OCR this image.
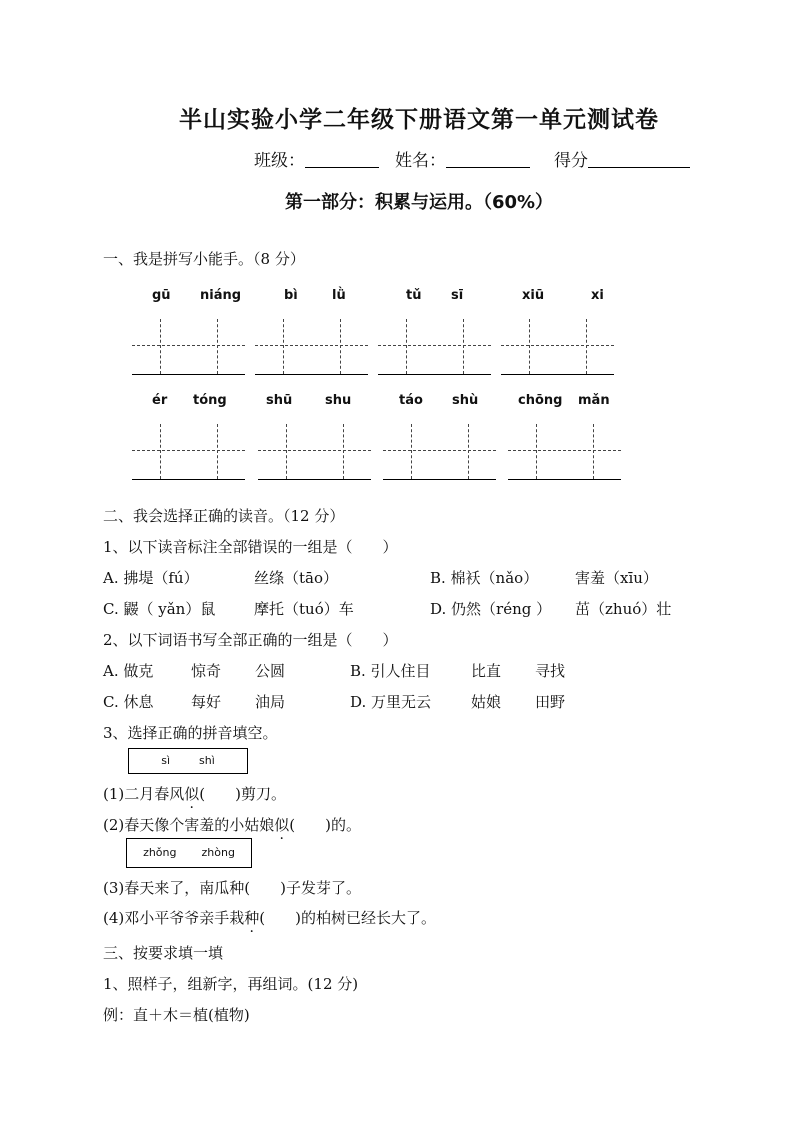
半山实验小学二年级下册语文第一单元测试卷
班级：	姓名：	得分
第一部分：积累与运用。（60%）
一、我是拼写小能手。（8 分）
gū niáng	bì	lǜ	tǔ sī	xiū	xi
ér tóng	shū	shu	táo shù	chōng mǎn
二、我会选择正确的读音。（12 分）
1、以下读音标注全部错误的一组是（　　）
A. 拂堤（fú）	丝绦（tāo）	B. 棉袄（nǎo） 害羞（xīu）
C. 鼹（ yǎn）鼠	摩托（tuó）车	D. 仍然（réng ） 茁（zhuó）壮
2、以下词语书写全部正确的一组是（　　）
A. 做克	惊奇 公圆	B. 引人住目	比直 寻找
C. 休息	每好 油局	D. 万里无云	姑娘 田野
3、选择正确的拼音填空。
sì	shì
(1)二月春风似(　　)剪刀。
(2)春天像个害羞的小姑娘似(　　)的。
zhǒng zhòng
(3)春天来了，南瓜种(　　)子发芽了。
(4)邓小平爷爷亲手栽种(　　)的柏树已经长大了。
三、按要求填一填
1、照样子，组新字，再组词。(12 分)
例：直＋木＝植(植物)
